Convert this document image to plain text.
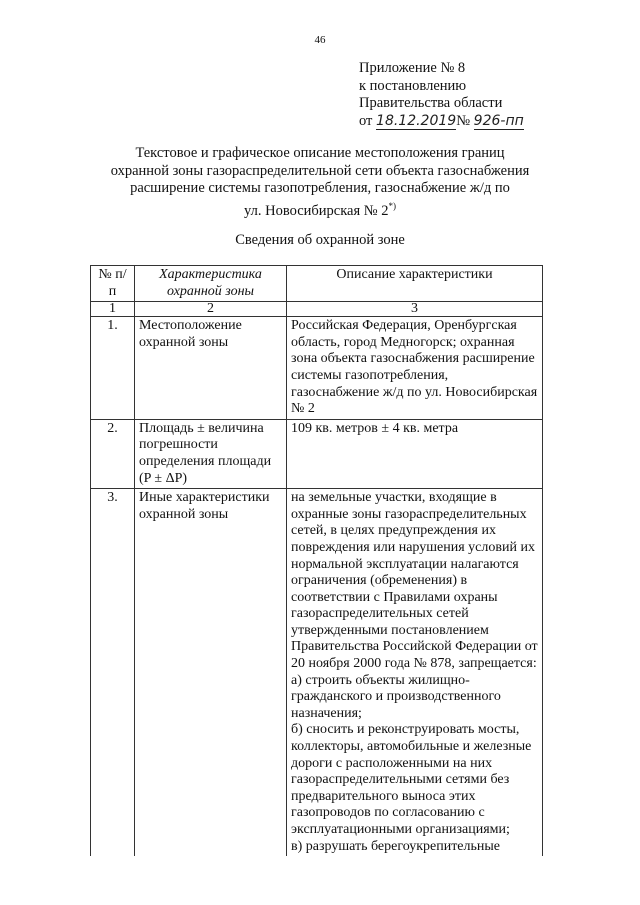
46
Приложение № 8
к постановлению
Правительства области
от 18.12.2019№ 926-пп
Текстовое и графическое описание местоположения границ
охранной зоны газораспределительной сети объекта газоснабжения
расширение системы газопотребления, газоснабжение ж/д по
ул. Новосибирская № 2*)
Сведения об охранной зоне
№ п/п	Характеристика охранной зоны	Описание характеристики
1	2	3
1.	Местоположение охранной зоны	Российская Федерация, Оренбургская область, город Медногорск; охранная зона объекта газоснабжения расширение системы газопотребления, газоснабжение ж/д по ул. Новосибирская № 2
2.	Площадь ± величина погрешности определения площади (P ± ΔP)	109 кв. метров ± 4 кв. метра
3.	Иные характеристики охранной зоны	на земельные участки, входящие в охранные зоны газораспределительных сетей, в целях предупреждения их повреждения или нарушения условий их нормальной эксплуатации налагаются ограничения (обременения) в соответствии с Правилами охраны газораспределительных сетей утвержденными постановлением Правительства Российской Федерации от 20 ноября 2000 года № 878, запрещается:
а) строить объекты жилищно-гражданского и производственного назначения;
б) сносить и реконструировать мосты, коллекторы, автомобильные и железные дороги с расположенными на них газораспределительными сетями без предварительного выноса этих газопроводов по согласованию с эксплуатационными организациями;
в) разрушать берегоукрепительные
